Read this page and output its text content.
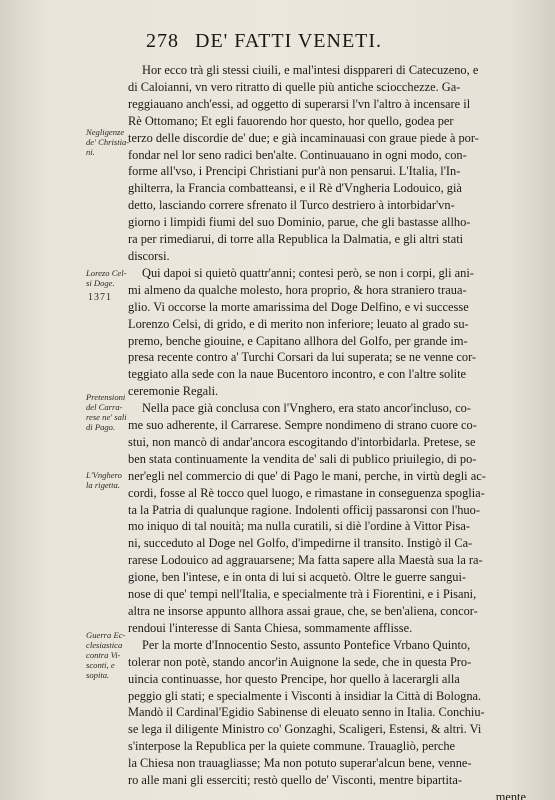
278 DE' FATTI VENETI.
Negligenze de' Christia-ni.
Lorezo Cel-si Doge.
1371
Pretensioni del Carra-rese ne' sali di Pago.
L'Vnghero la rigetta.
Guerra Ec-clesiastica contra Vi-sconti, e sopita.
Hor ecco trà gli stessi ciuili, e mal'intesi disppareri di Catecuzeno, e
di Caloianni, vn vero ritratto di quelle più antiche sciocchezze. Ga-
reggiauano anch'essi, ad oggetto di superarsi l'vn l'altro à incensare il
Rè Ottomano; Et egli fauorendo hor questo, hor quello, godea per
terzo delle discordie de' due; e già incaminauasi con graue piede à por-
fondar nel lor seno radici ben'alte. Continuauano in ogni modo, con-
forme all'vso, i Prencipi Christiani pur'à non pensarui. L'Italia, l'In-
ghilterra, la Francia combatteansi, e il Rè d'Vngheria Lodouico, già
detto, lasciando correre sfrenato il Turco destriero à intorbidar'vn-
giorno i limpidi fiumi del suo Dominio, parue, che gli bastasse allho-
ra per rimediarui, di torre alla Republica la Dalmatia, e gli altri stati
discorsi.
Qui dapoi si quietò quattr'anni; contesi però, se non i corpi, gli ani-
mi almeno da qualche molesto, hora proprio, & hora straniero traua-
glio. Vi occorse la morte amarissima del Doge Delfino, e vi successe
Lorenzo Celsi, di grido, e di merito non inferiore; leuato al grado su-
premo, benche giouine, e Capitano allhora del Golfo, per grande im-
presa recente contro a' Turchi Corsari da lui superata; se ne venne cor-
teggiato alla sede con la naue Bucentoro incontro, e con l'altre solite
ceremonie Regali.
Nella pace già conclusa con l'Vnghero, era stato ancor'incluso, co-
me suo adherente, il Carrarese. Sempre nondimeno di strano cuore co-
stui, non mancò di andar'ancora escogitando d'intorbidarla. Pretese, se
ben stata continuamente la vendita de' sali di publico priuilegio, di po-
ner'egli nel commercio di que' di Pago le mani, perche, in virtù degli ac-
cordi, fosse al Rè tocco quel luogo, e rimastane in conseguenza spoglia-
ta la Patria di qualunque ragione. Indolenti officij passaronsi con l'huo-
mo iniquo di tal nouità; ma nulla curatili, si diè l'ordine à Vittor Pisa-
ni, succeduto al Doge nel Golfo, d'impedirne il transito. Instigò il Ca-
rarese Lodouico ad aggrauarsene; Ma fatta sapere alla Maestà sua la ra-
gione, ben l'intese, e in onta di lui si acquetò. Oltre le guerre sangui-
nose di que' tempi nell'Italia, e specialmente trà i Fiorentini, e i Pisani,
altra ne insorse appunto allhora assai graue, che, se ben'aliena, concor-
rendoui l'interesse di Santa Chiesa, sommamente afflisse.
Per la morte d'Innocentio Sesto, assunto Pontefice Vrbano Quinto,
tolerar non potè, stando ancor'in Auignone la sede, che in questa Pro-
uincia continuasse, hor questo Prencipe, hor quello à lacerargli alla
peggio gli stati; e specialmente i Visconti à insidiar la Città di Bologna.
Mandò il Cardinal'Egidio Sabinense di eleuato senno in Italia. Conchiu-
se lega il diligente Ministro co' Gonzaghi, Scaligeri, Estensi, & altri. Vi
s'interpose la Republica per la quiete commune. Trauagliò, perche
la Chiesa non trauagliasse; Ma non potuto superar'alcun bene, venne-
ro alle mani gli esserciti; restò quello de' Visconti, mentre bipartita-
mente
